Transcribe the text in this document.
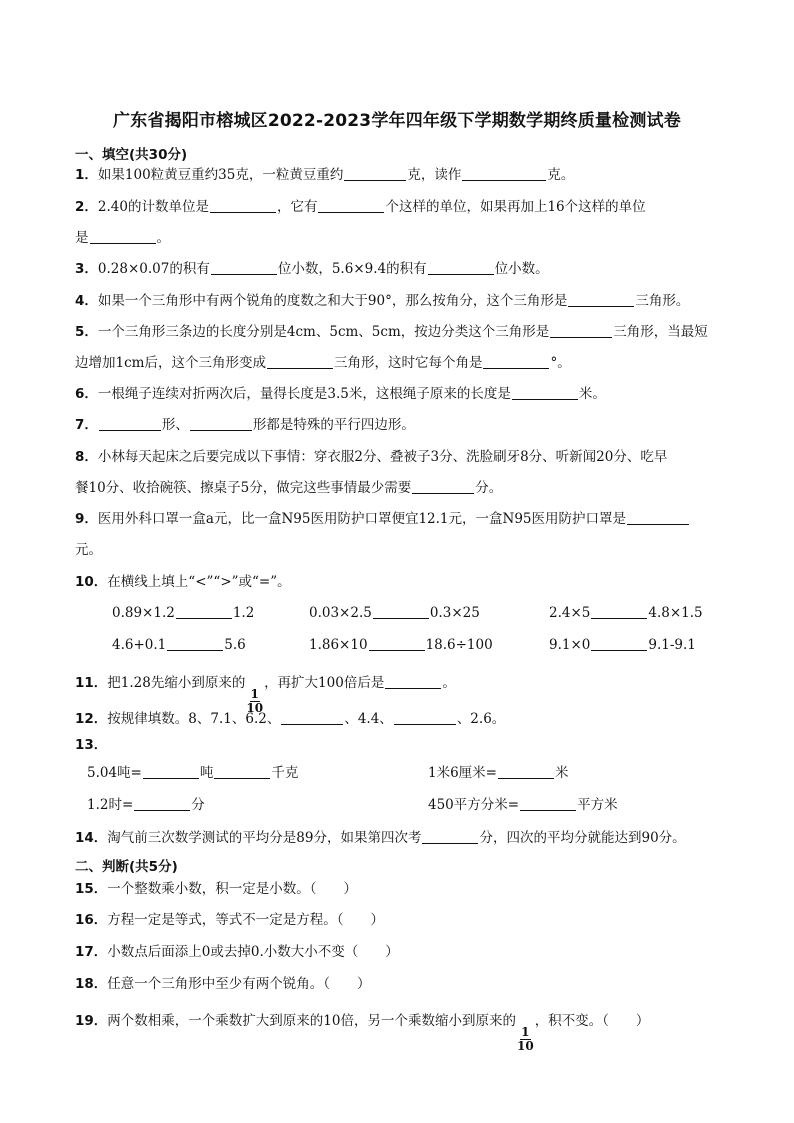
广东省揭阳市榕城区2022-2023学年四年级下学期数学期终质量检测试卷
一、填空(共30分)
1．如果100粒黄豆重约35克，一粒黄豆重约	克，读作	克。
2．2.40的计数单位是	，它有	个这样的单位，如果再加上16个这样的单位
是	。
3．0.28×0.07的积有	位小数，5.6×9.4的积有	位小数。
4．如果一个三角形中有两个锐角的度数之和大于90°，那么按角分，这个三角形是	三角形。
5．一个三角形三条边的长度分别是4cm、5cm、5cm，按边分类这个三角形是	三角形，当最短
边增加1cm后，这个三角形变成	三角形，这时它每个角是	°。
6．一根绳子连续对折两次后，量得长度是3.5米，这根绳子原来的长度是	米。
7．	形、	形都是特殊的平行四边形。
8．小林每天起床之后要完成以下事情：穿衣服2分、叠被子3分、洗脸刷牙8分、听新闻20分、吃早
餐10分、收拾碗筷、擦桌子5分，做完这些事情最少需要	分。
9．医用外科口罩一盒a元，比一盒N95医用防护口罩便宜12.1元，一盒N95医用防护口罩是
元。
10．在横线上填上“<”“>”或“=”。
0.89×1.2	1.2	0.03×2.5	0.3×25	2.4×5	4.8×1.5
4.6+0.1	5.6	1.86×10	18.6÷100	9.1×0	9.1-9.1
11．把1.28先缩小到原来的
$\frac{1}{10}$
，再扩大100倍后是	。
12．按规律填数。8、7.1、6.2、	、4.4、	、2.6。
13．
5.04吨=	吨	千克	1米6厘米=	米
1.2时=	分	450平方分米=	平方米
14．淘气前三次数学测试的平均分是89分，如果第四次考	分，四次的平均分就能达到90分。
二、判断(共5分)
15．一个整数乘小数，积一定是小数。（　　）
16．方程一定是等式，等式不一定是方程。（　　）
17．小数点后面添上0或去掉0.小数大小不变（　　）
18．任意一个三角形中至少有两个锐角。（　　）
19．两个数相乘，一个乘数扩大到原来的10倍，另一个乘数缩小到原来的
$\frac{1}{10}$
，积不变。（　　）
